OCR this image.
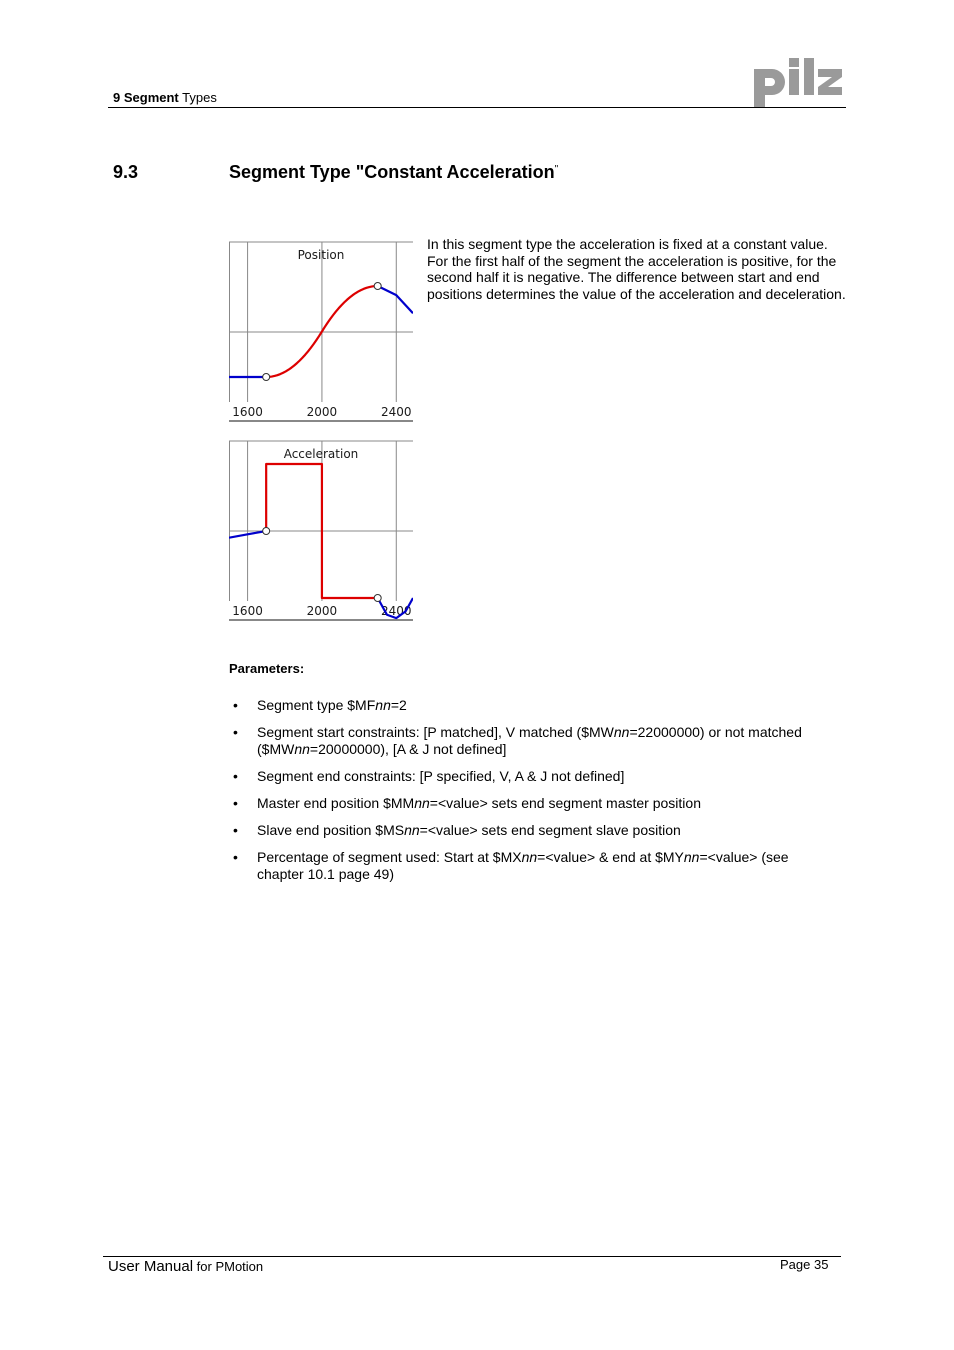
9 Segment Types
9.3	Segment Type "Constant Acceleration"
Position
1600	2000	2400
Acceleration
1600	2000	2400
In this segment type the acceleration is fixed at a constant value. For the first half of the segment the acceleration is positive, for the second half it is negative. The difference between start and end positions determines the value of the acceleration and deceleration.
Parameters:
• Segment type $MFnn=2
• Segment start constraints: [P matched], V matched ($MWnn=22000000) or not matched
($MWnn=20000000), [A & J not defined]
• Segment end constraints: [P specified, V, A & J not defined]
• Master end position $MMnn=<value> sets end segment master position
• Slave end position $MSnn=<value> sets end segment slave position
• Percentage of segment used: Start at $MXnn=<value> & end at $MYnn=<value> (see
chapter 10.1 page 49)
User Manual for PMotion	Page 35
